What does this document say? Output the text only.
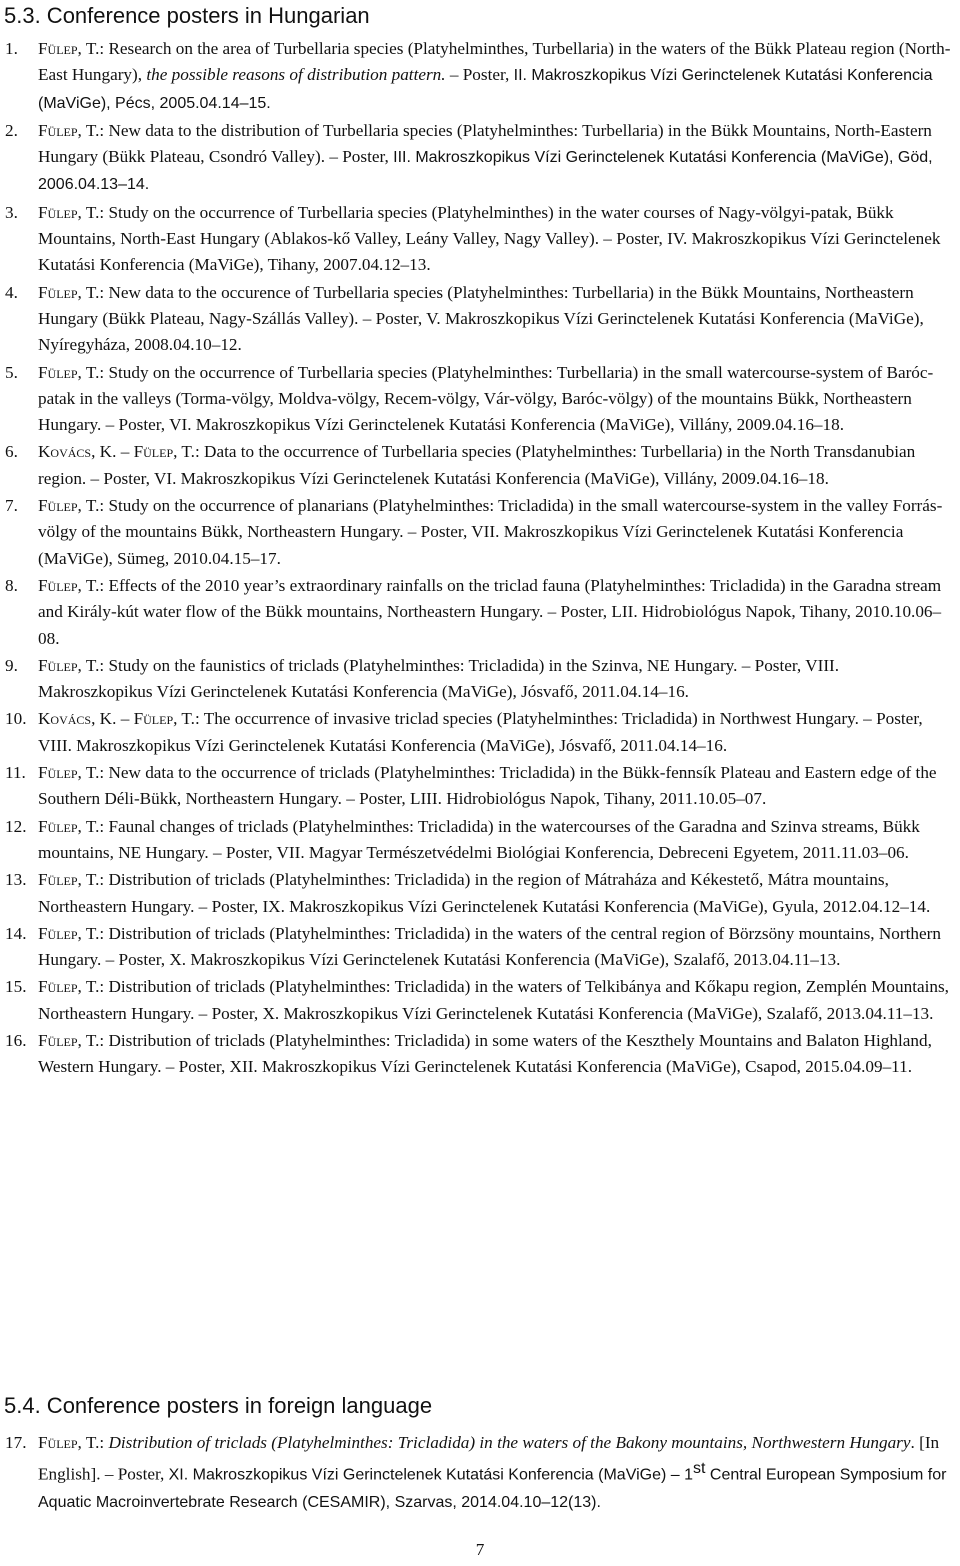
5.3. Conference posters in Hungarian
1.	Fülep, T.: Research on the area of Turbellaria species (Platyhelminthes, Turbellaria) in the waters of the Bükk Plateau region (North-East Hungary), the possible reasons of distribution pattern. – Poster, II. Makroszkopikus Vízi Gerinctelenek Kutatási Konferencia (MaViGe), Pécs, 2005.04.14–15.
2.	Fülep, T.: New data to the distribution of Turbellaria species (Platyhelminthes: Turbellaria) in the Bükk Mountains, North-Eastern Hungary (Bükk Plateau, Csondró Valley). – Poster, III. Makroszkopikus Vízi Gerinctelenek Kutatási Konferencia (MaViGe), Göd, 2006.04.13–14.
3.	Fülep, T.: Study on the occurrence of Turbellaria species (Platyhelminthes) in the water courses of Nagy-völgyi-patak, Bükk Mountains, North-East Hungary (Ablakos-kő Valley, Leány Valley, Nagy Valley). – Poster, IV. Makroszkopikus Vízi Gerinctelenek Kutatási Konferencia (MaViGe), Tihany, 2007.04.12–13.
4.	Fülep, T.: New data to the occurence of Turbellaria species (Platyhelminthes: Turbellaria) in the Bükk Mountains, Northeastern Hungary (Bükk Plateau, Nagy-Szállás Valley). – Poster, V. Makroszkopikus Vízi Gerinctelenek Kutatási Konferencia (MaViGe), Nyíregyháza, 2008.04.10–12.
5.	Fülep, T.: Study on the occurrence of Turbellaria species (Platyhelminthes: Turbellaria) in the small watercourse-system of Baróc-patak in the valleys (Torma-völgy, Moldva-völgy, Recem-völgy, Vár-völgy, Baróc-völgy) of the mountains Bükk, Northeastern Hungary. – Poster, VI. Makroszkopikus Vízi Gerinctelenek Kutatási Konferencia (MaViGe), Villány, 2009.04.16–18.
6.	Kovács, K. – Fülep, T.: Data to the occurrence of Turbellaria species (Platyhelminthes: Turbellaria) in the North Transdanubian region. – Poster, VI. Makroszkopikus Vízi Gerinctelenek Kutatási Konferencia (MaViGe), Villány, 2009.04.16–18.
7.	Fülep, T.: Study on the occurrence of planarians (Platyhelminthes: Tricladida) in the small watercourse-system in the valley Forrás-völgy of the mountains Bükk, Northeastern Hungary. – Poster, VII. Makroszkopikus Vízi Gerinctelenek Kutatási Konferencia (MaViGe), Sümeg, 2010.04.15–17.
8.	Fülep, T.: Effects of the 2010 year’s extraordinary rainfalls on the triclad fauna (Platyhelminthes: Tricladida) in the Garadna stream and Király-kút water flow of the Bükk mountains, Northeastern Hungary. – Poster, LII. Hidrobiológus Napok, Tihany, 2010.10.06–08.
9.	Fülep, T.: Study on the faunistics of triclads (Platyhelminthes: Tricladida) in the Szinva, NE Hungary. – Poster, VIII. Makroszkopikus Vízi Gerinctelenek Kutatási Konferencia (MaViGe), Jósvafő, 2011.04.14–16.
10. Kovács, K. – Fülep, T.: The occurrence of invasive triclad species (Platyhelminthes: Tricladida) in Northwest Hungary. – Poster, VIII. Makroszkopikus Vízi Gerinctelenek Kutatási Konferencia (MaViGe), Jósvafő, 2011.04.14–16.
11. Fülep, T.: New data to the occurrence of triclads (Platyhelminthes: Tricladida) in the Bükk-fennsík Plateau and Eastern edge of the Southern Déli-Bükk, Northeastern Hungary. – Poster, LIII. Hidrobiológus Napok, Tihany, 2011.10.05–07.
12. Fülep, T.: Faunal changes of triclads (Platyhelminthes: Tricladida) in the watercourses of the Garadna and Szinva streams, Bükk mountains, NE Hungary. – Poster, VII. Magyar Természetvédelmi Biológiai Konferencia, Debreceni Egyetem, 2011.11.03–06.
13. Fülep, T.: Distribution of triclads (Platyhelminthes: Tricladida) in the region of Mátraháza and Kékestető, Mátra mountains, Northeastern Hungary. – Poster, IX. Makroszkopikus Vízi Gerinctelenek Kutatási Konferencia (MaViGe), Gyula, 2012.04.12–14.
14. Fülep, T.: Distribution of triclads (Platyhelminthes: Tricladida) in the waters of the central region of Börzsöny mountains, Northern Hungary. – Poster, X. Makroszkopikus Vízi Gerinctelenek Kutatási Konferencia (MaViGe), Szalafő, 2013.04.11–13.
15. Fülep, T.: Distribution of triclads (Platyhelminthes: Tricladida) in the waters of Telkibánya and Kőkapu region, Zemplén Mountains, Northeastern Hungary. – Poster, X. Makroszkopikus Vízi Gerinctelenek Kutatási Konferencia (MaViGe), Szalafő, 2013.04.11–13.
16. Fülep, T.: Distribution of triclads (Platyhelminthes: Tricladida) in some waters of the Keszthely Mountains and Balaton Highland, Western Hungary. – Poster, XII. Makroszkopikus Vízi Gerinctelenek Kutatási Konferencia (MaViGe), Csapod, 2015.04.09–11.
5.4. Conference posters in foreign language
17. Fülep, T.: Distribution of triclads (Platyhelminthes: Tricladida) in the waters of the Bakony mountains, Northwestern Hungary. [In English]. – Poster, XI. Makroszkopikus Vízi Gerinctelenek Kutatási Konferencia (MaViGe) – 1st Central European Symposium for Aquatic Macroinvertebrate Research (CESAMIR), Szarvas, 2014.04.10–12(13).
7
